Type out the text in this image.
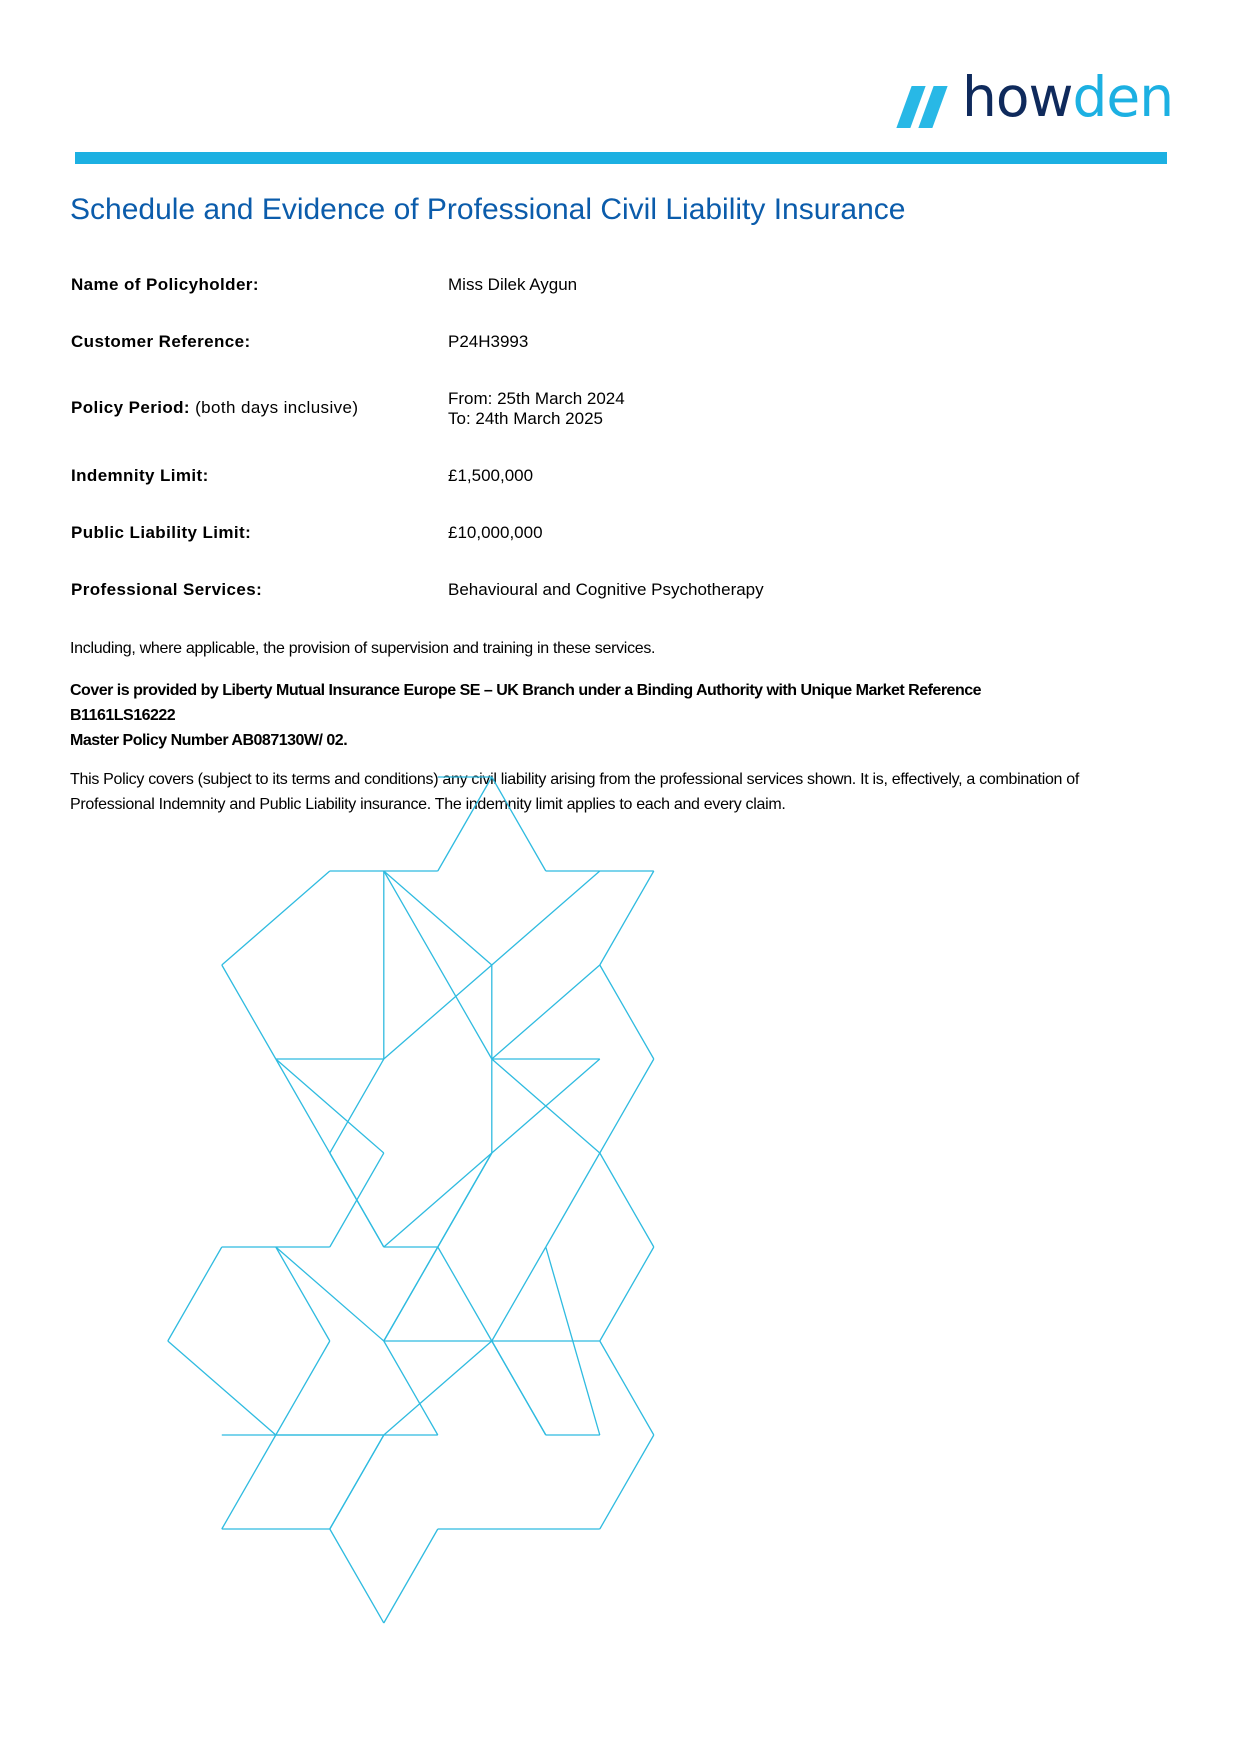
howden
Schedule and Evidence of Professional Civil Liability Insurance
Name of Policyholder:	Miss Dilek Aygun
Customer Reference:	P24H3993
Policy Period: (both days inclusive)	From: 25th March 2024
To: 24th March 2025
Indemnity Limit:	£1,500,000
Public Liability Limit:	£10,000,000
Professional Services:	Behavioural and Cognitive Psychotherapy
Including, where applicable, the provision of supervision and training in these services.
Cover is provided by Liberty Mutual Insurance Europe SE – UK Branch under a Binding Authority with Unique Market Reference
B1161LS16222
Master Policy Number AB087130W/ 02.
This Policy covers (subject to its terms and conditions) any civil liability arising from the professional services shown. It is, effectively, a combination of Professional Indemnity and Public Liability insurance. The indemnity limit applies to each and every claim.
